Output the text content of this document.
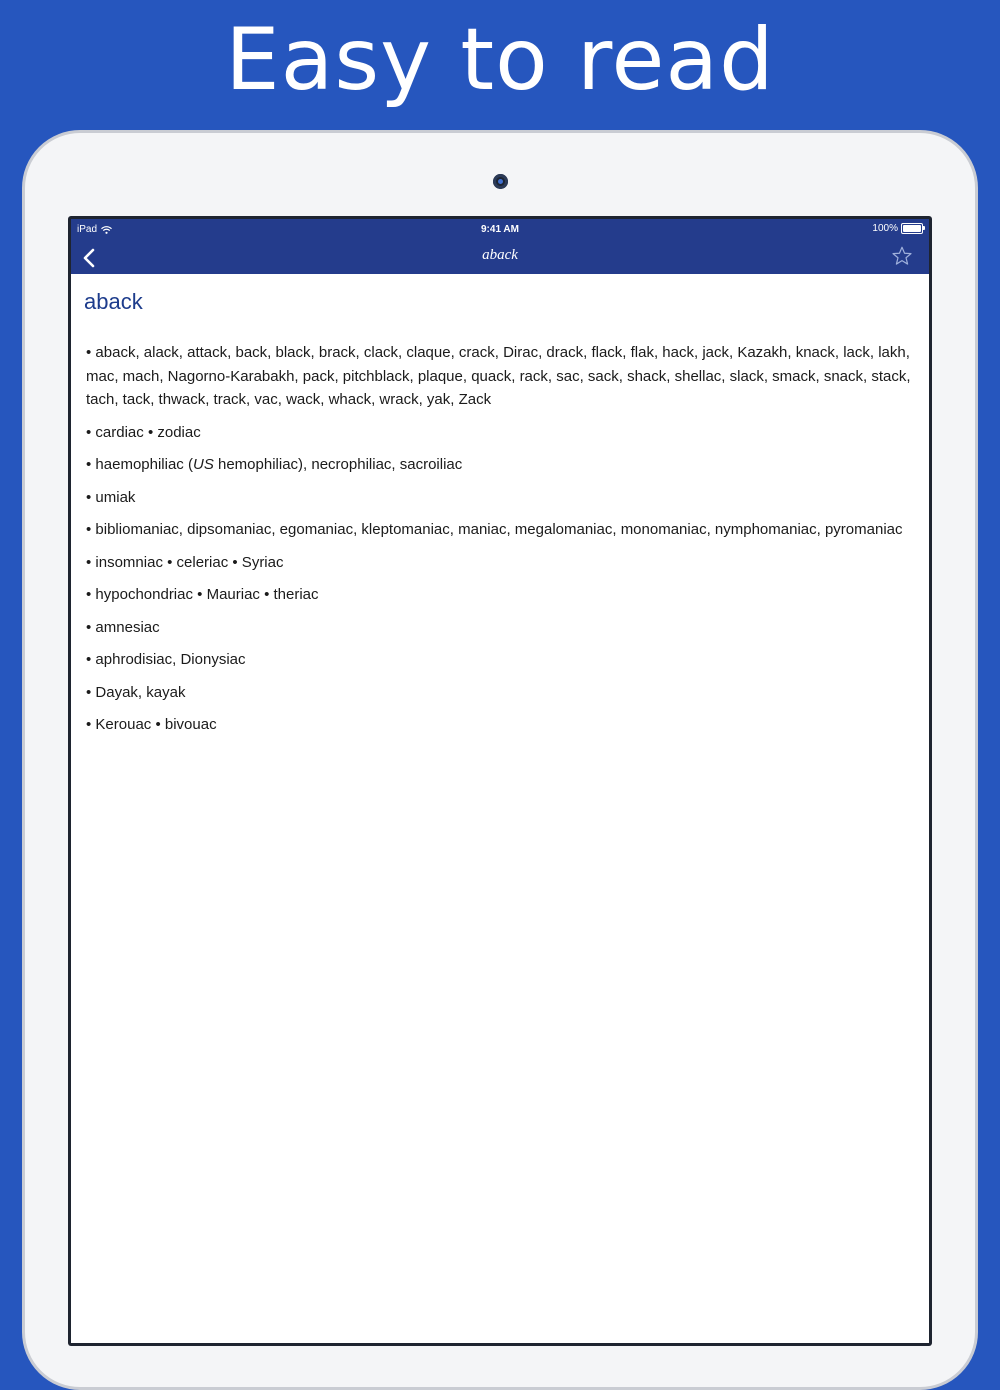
Easy to read
iPad	9:41 AM	100%
aback
aback
• aback, alack, attack, back, black, brack, clack, claque, crack, Dirac, drack, flack, flak, hack, jack, Kazakh, knack, lack, lakh, mac, mach, Nagorno-Karabakh, pack, pitchblack, plaque, quack, rack, sac, sack, shack, shellac, slack, smack, snack, stack, tach, tack, thwack, track, vac, wack, whack, wrack, yak, Zack
• cardiac • zodiac
• haemophiliac (US hemophiliac), necrophiliac, sacroiliac
• umiak
• bibliomaniac, dipsomaniac, egomaniac, kleptomaniac, maniac, megalomaniac, monomaniac, nymphomaniac, pyromaniac
• insomniac • celeriac • Syriac
• hypochondriac • Mauriac • theriac
• amnesiac
• aphrodisiac, Dionysiac
• Dayak, kayak
• Kerouac • bivouac
